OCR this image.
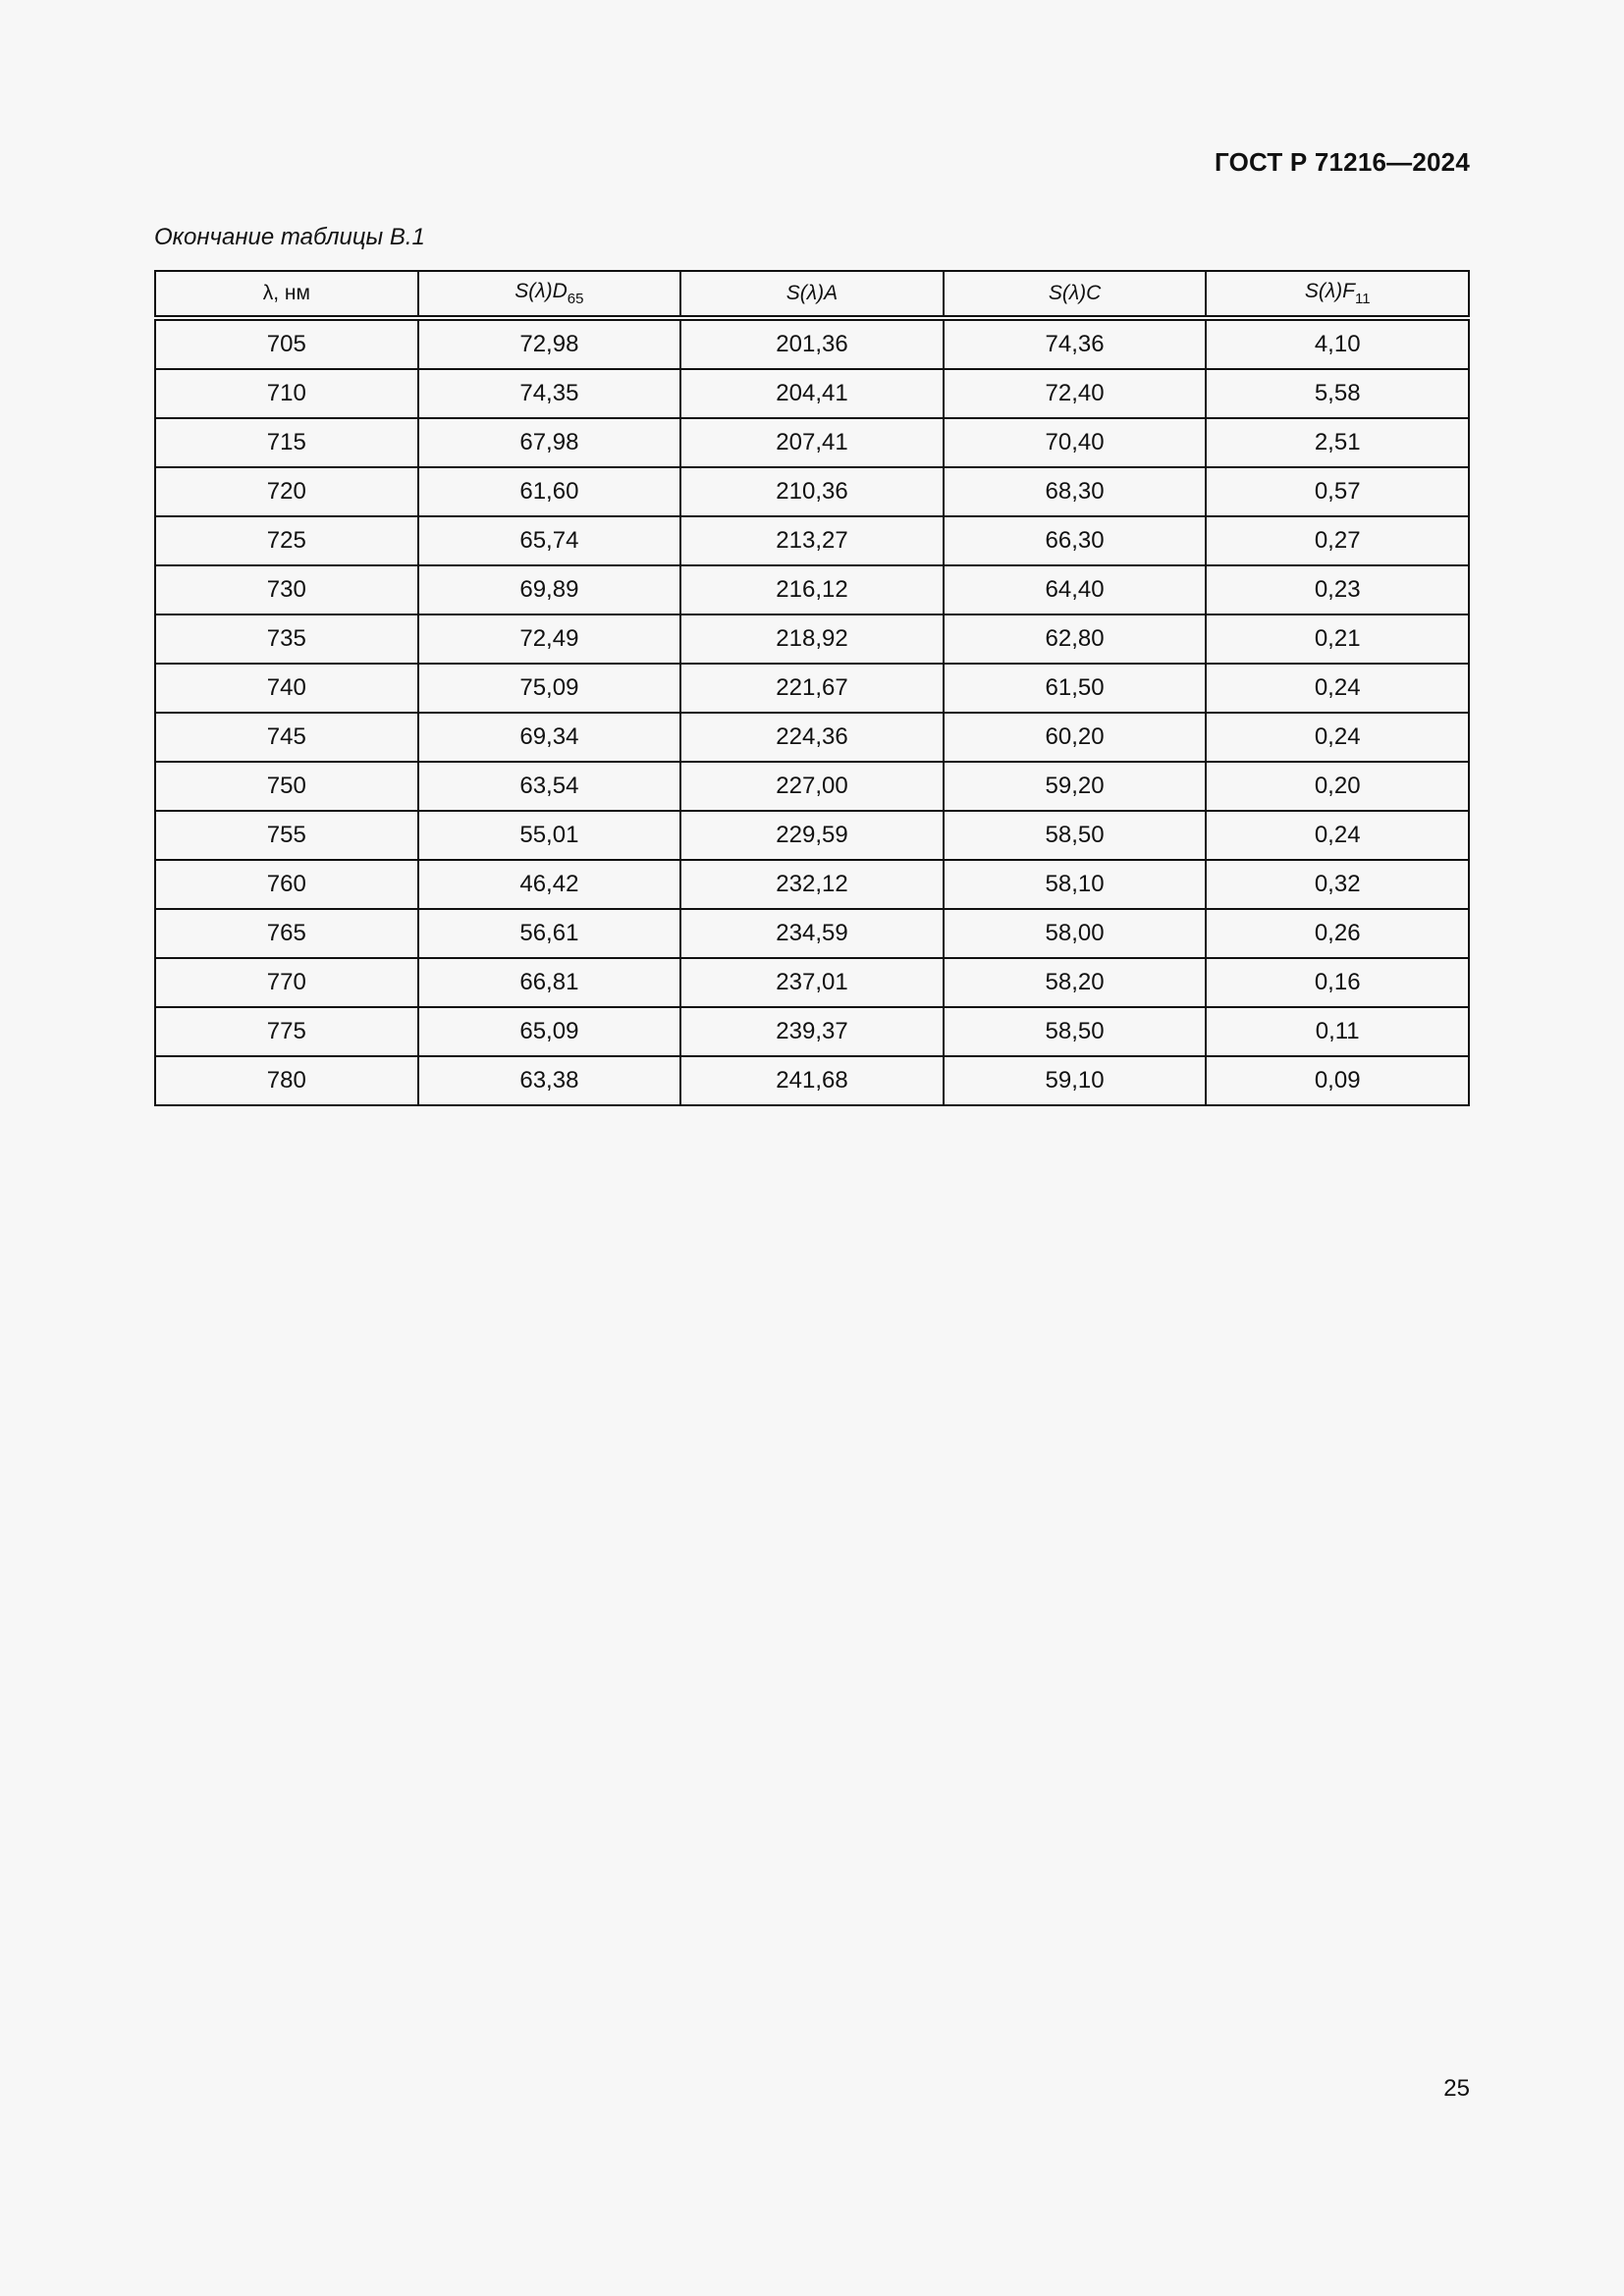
ГОСТ Р 71216—2024
Окончание таблицы В.1
λ, нм	$S(\lambda)D_{65}$	S(λ)A	S(λ)C	$S(\lambda)F_{11}$
705	72,98	201,36	74,36	4,10
710	74,35	204,41	72,40	5,58
715	67,98	207,41	70,40	2,51
720	61,60	210,36	68,30	0,57
725	65,74	213,27	66,30	0,27
730	69,89	216,12	64,40	0,23
735	72,49	218,92	62,80	0,21
740	75,09	221,67	61,50	0,24
745	69,34	224,36	60,20	0,24
750	63,54	227,00	59,20	0,20
755	55,01	229,59	58,50	0,24
760	46,42	232,12	58,10	0,32
765	56,61	234,59	58,00	0,26
770	66,81	237,01	58,20	0,16
775	65,09	239,37	58,50	0,11
780	63,38	241,68	59,10	0,09
25
